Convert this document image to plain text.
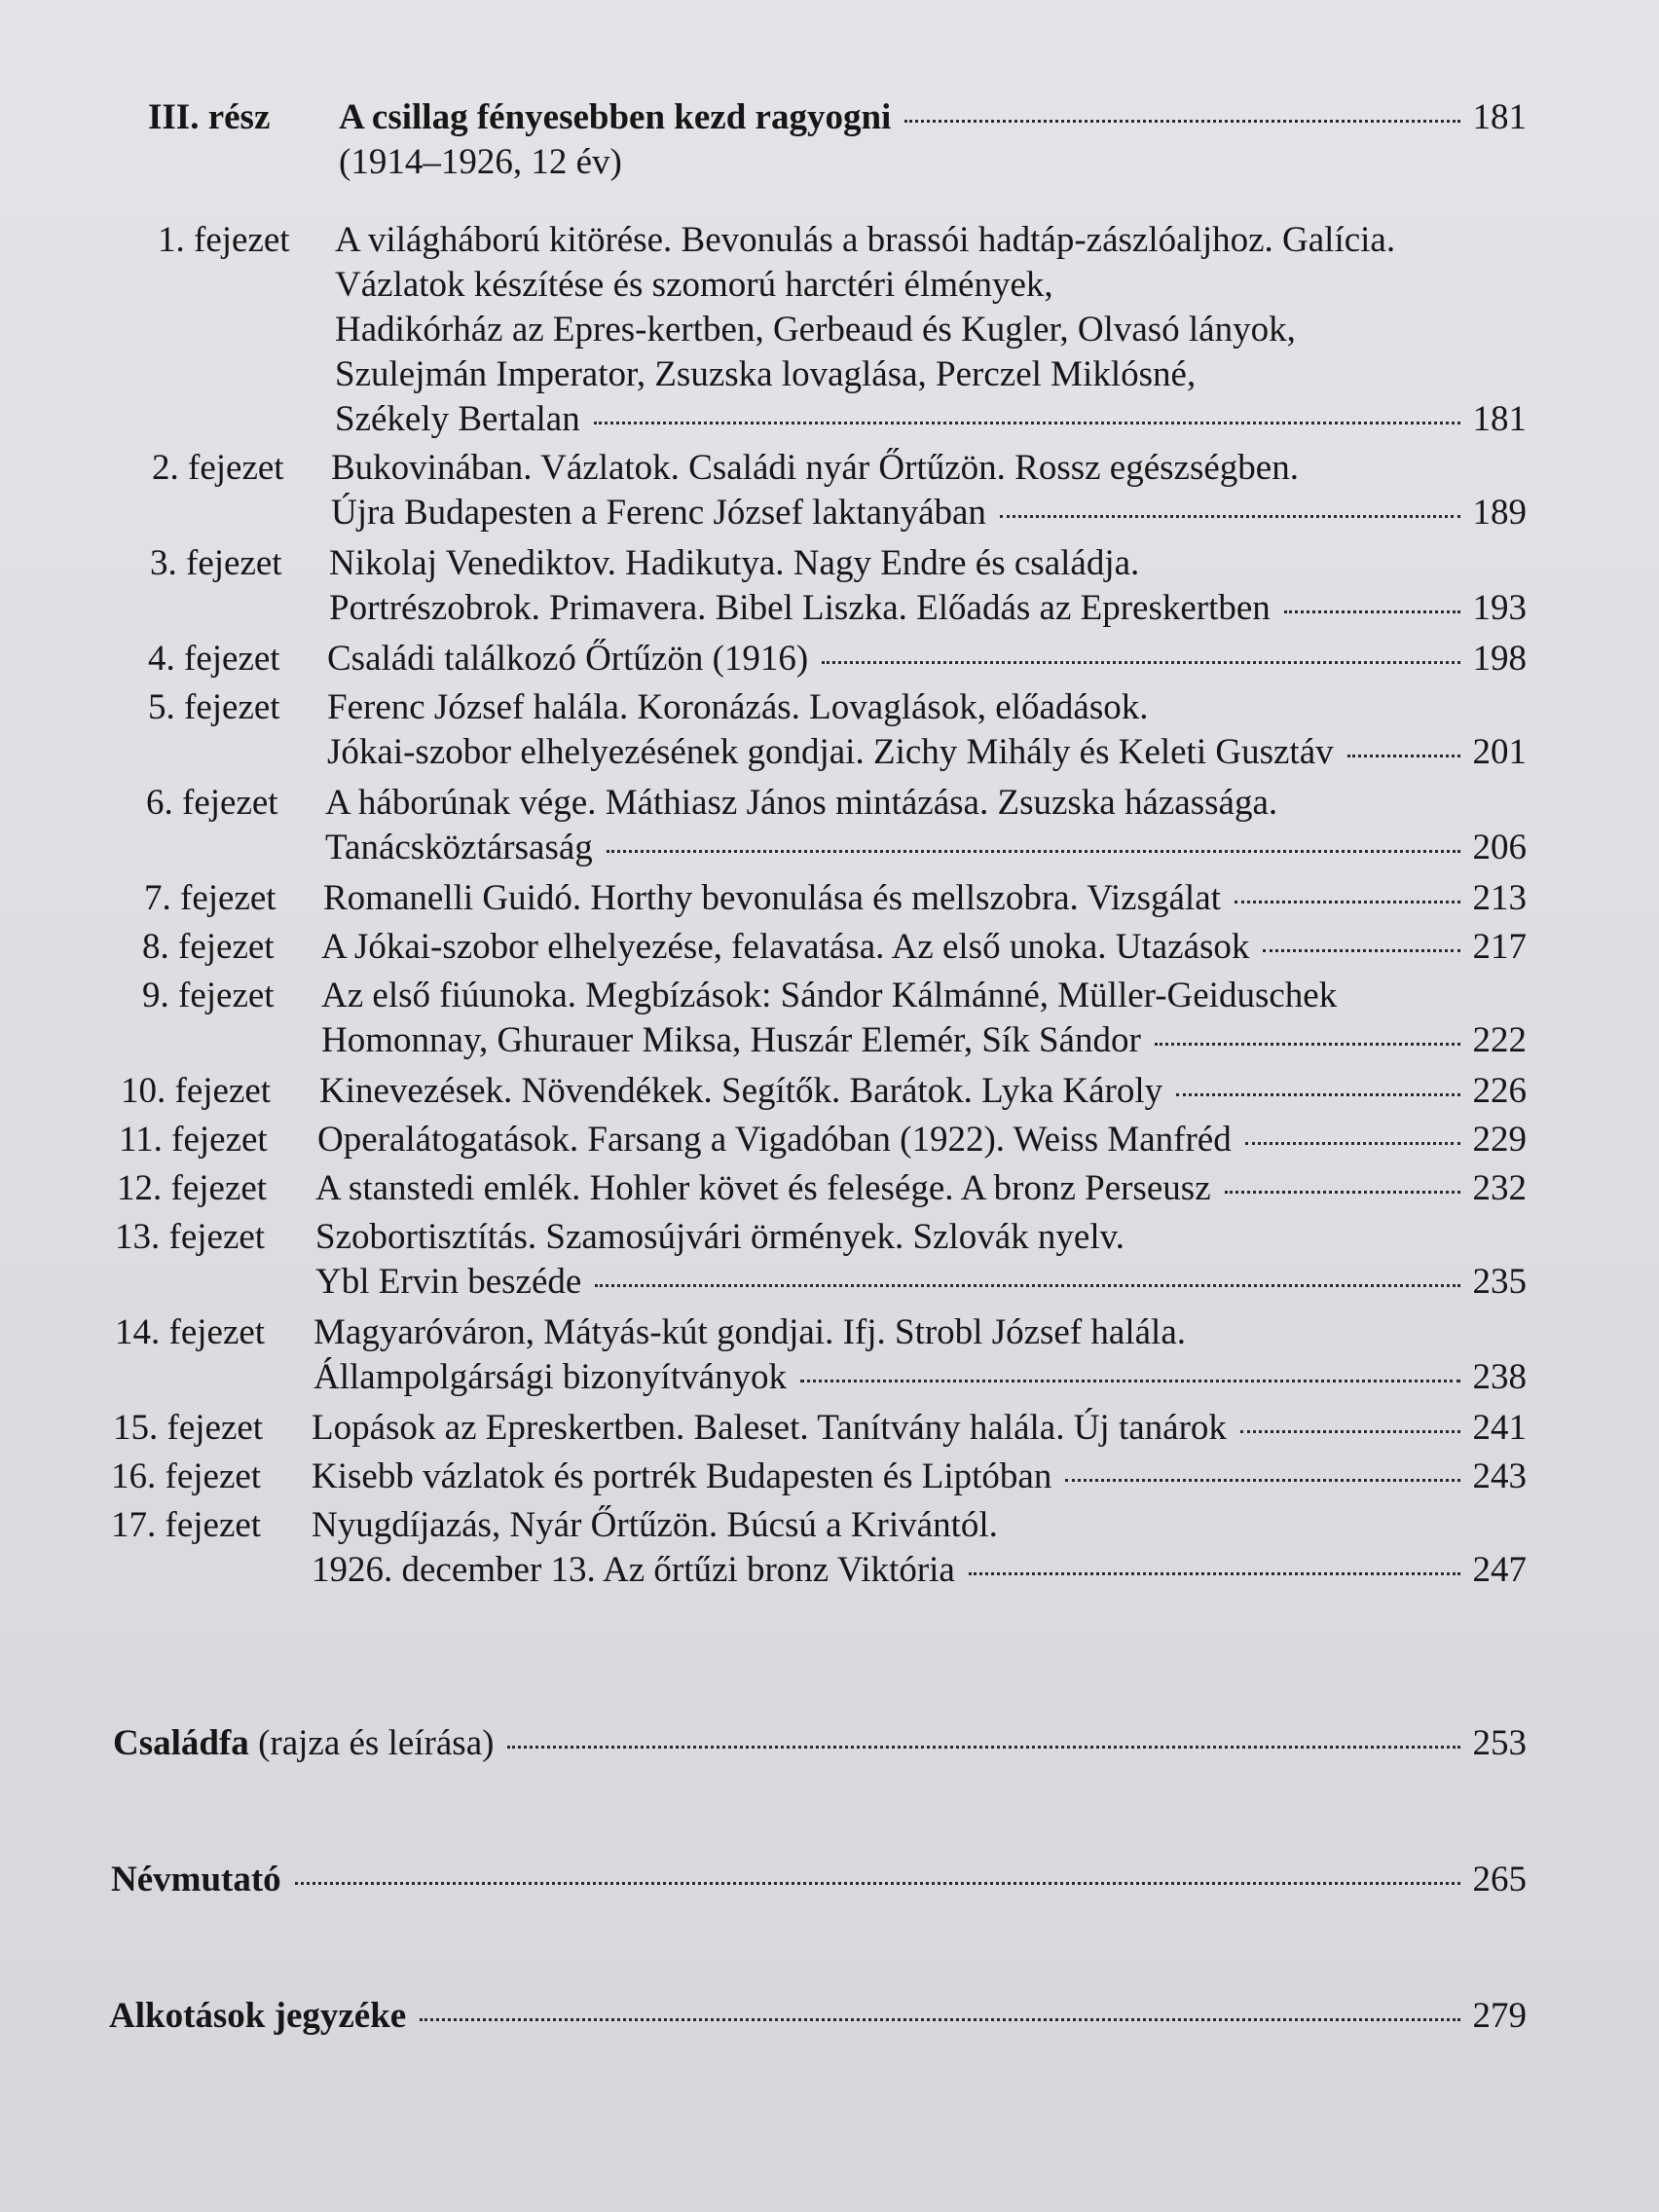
III. rész A csillag fényesebben kezd ragyogni	181
(1914–1926, 12 év)
1. fejezet A világháború kitörése. Bevonulás a brassói hadtáp-zászlóaljhoz. Galícia.
Vázlatok készítése és szomorú harctéri élmények,
Hadikórház az Epres-kertben, Gerbeaud és Kugler, Olvasó lányok,
Szulejmán Imperator, Zsuzska lovaglása, Perczel Miklósné,
Székely Bertalan	181
2. fejezet Bukovinában. Vázlatok. Családi nyár Őrtűzön. Rossz egészségben.
Újra Budapesten a Ferenc József laktanyában	189
3. fejezet Nikolaj Venediktov. Hadikutya. Nagy Endre és családja.
Portrészobrok. Primavera. Bibel Liszka. Előadás az Epreskertben	193
4. fejezet Családi találkozó Őrtűzön (1916)	198
5. fejezet Ferenc József halála. Koronázás. Lovaglások, előadások.
Jókai-szobor elhelyezésének gondjai. Zichy Mihály és Keleti Gusztáv	201
6. fejezet A háborúnak vége. Máthiasz János mintázása. Zsuzska házassága.
Tanácsköztársaság	206
7. fejezet Romanelli Guidó. Horthy bevonulása és mellszobra. Vizsgálat	213
8. fejezet A Jókai-szobor elhelyezése, felavatása. Az első unoka. Utazások	217
9. fejezet Az első fiúunoka. Megbízások: Sándor Kálmánné, Müller-Geiduschek
Homonnay, Ghurauer Miksa, Huszár Elemér, Sík Sándor	222
10. fejezet Kinevezések. Növendékek. Segítők. Barátok. Lyka Károly	226
11. fejezet Operalátogatások. Farsang a Vigadóban (1922). Weiss Manfréd	229
12. fejezet A stanstedi emlék. Hohler követ és felesége. A bronz Perseusz	232
13. fejezet Szobortisztítás. Szamosújvári örmények. Szlovák nyelv.
Ybl Ervin beszéde	235
14. fejezet Magyaróváron, Mátyás-kút gondjai. Ifj. Strobl József halála.
Állampolgársági bizonyítványok	238
15. fejezet Lopások az Epreskertben. Baleset. Tanítvány halála. Új tanárok	241
16. fejezet Kisebb vázlatok és portrék Budapesten és Liptóban	243
17. fejezet Nyugdíjazás, Nyár Őrtűzön. Búcsú a Krivántól.
1926. december 13. Az őrtűzi bronz Viktória	247
Családfa (rajza és leírása)	253
Névmutató	265
Alkotások jegyzéke	279
